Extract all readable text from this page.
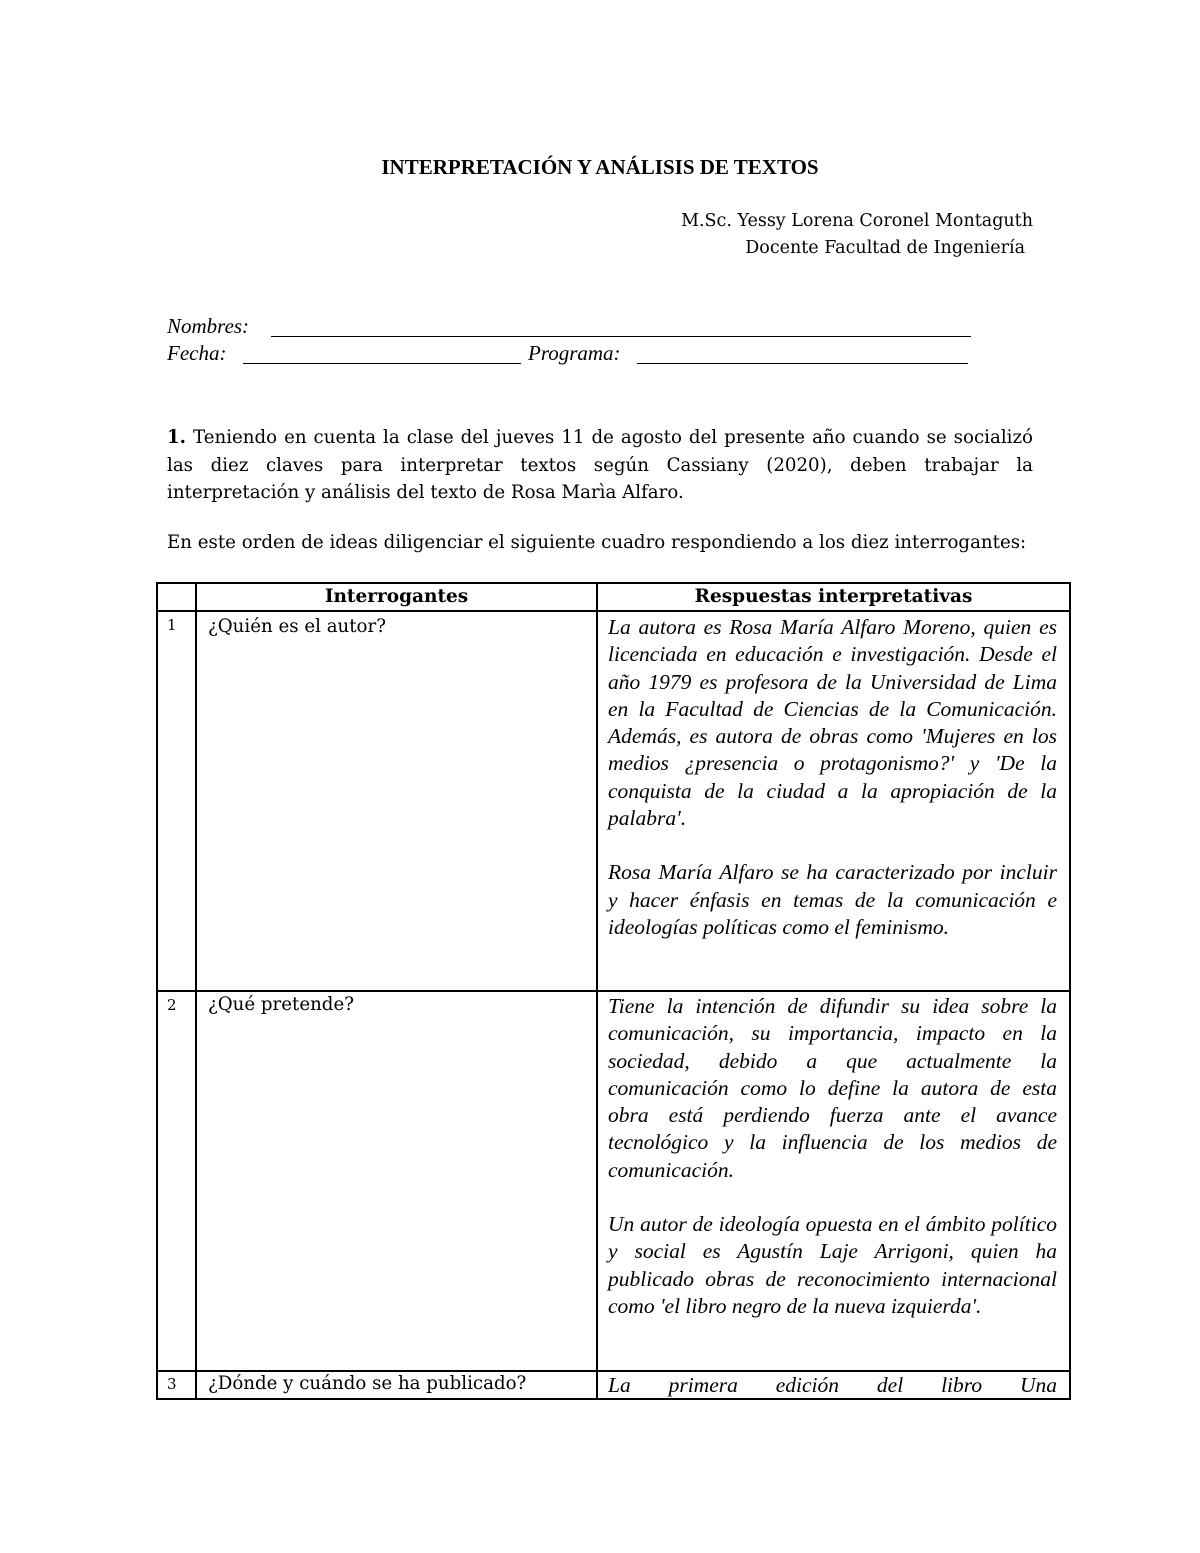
INTERPRETACIÓN Y ANÁLISIS DE TEXTOS
M.Sc. Yessy Lorena Coronel Montaguth
Docente Facultad de Ingeniería
Nombres:
Fecha:	Programa:
1. Teniendo en cuenta la clase del jueves 11 de agosto del presente año cuando se socializó las diez claves para interpretar textos según Cassiany (2020), deben trabajar la interpretación y análisis del texto de Rosa Marìa Alfaro.
En este orden de ideas diligenciar el siguiente cuadro respondiendo a los diez interrogantes:
Interrogantes	Respuestas interpretativas
1 ¿Quién es el autor?	La autora es Rosa María Alfaro Moreno, quien es licenciada en educación e investigación. Desde el año 1979 es profesora de la Universidad de Lima en la Facultad de Ciencias de la Comunicación. Además, es autora de obras como 'Mujeres en los medios ¿presencia o protagonismo?' y 'De la conquista de la ciudad a la apropiación de la palabra'.

Rosa María Alfaro se ha caracterizado por incluir y hacer énfasis en temas de la comunicación e ideologías políticas como el feminismo.

2 ¿Qué pretende?	Tiene la intención de difundir su idea sobre la comunicación, su importancia, impacto en la sociedad, debido a que actualmente la comunicación como lo define la autora de esta obra está perdiendo fuerza ante el avance tecnológico y la influencia de los medios de comunicación.

Un autor de ideología opuesta en el ámbito político y social es Agustín Laje Arrigoni, quien ha publicado obras de reconocimiento internacional como 'el libro negro de la nueva izquierda'.

3 ¿Dónde y cuándo se ha publicado?	La primera edición del libro Una
